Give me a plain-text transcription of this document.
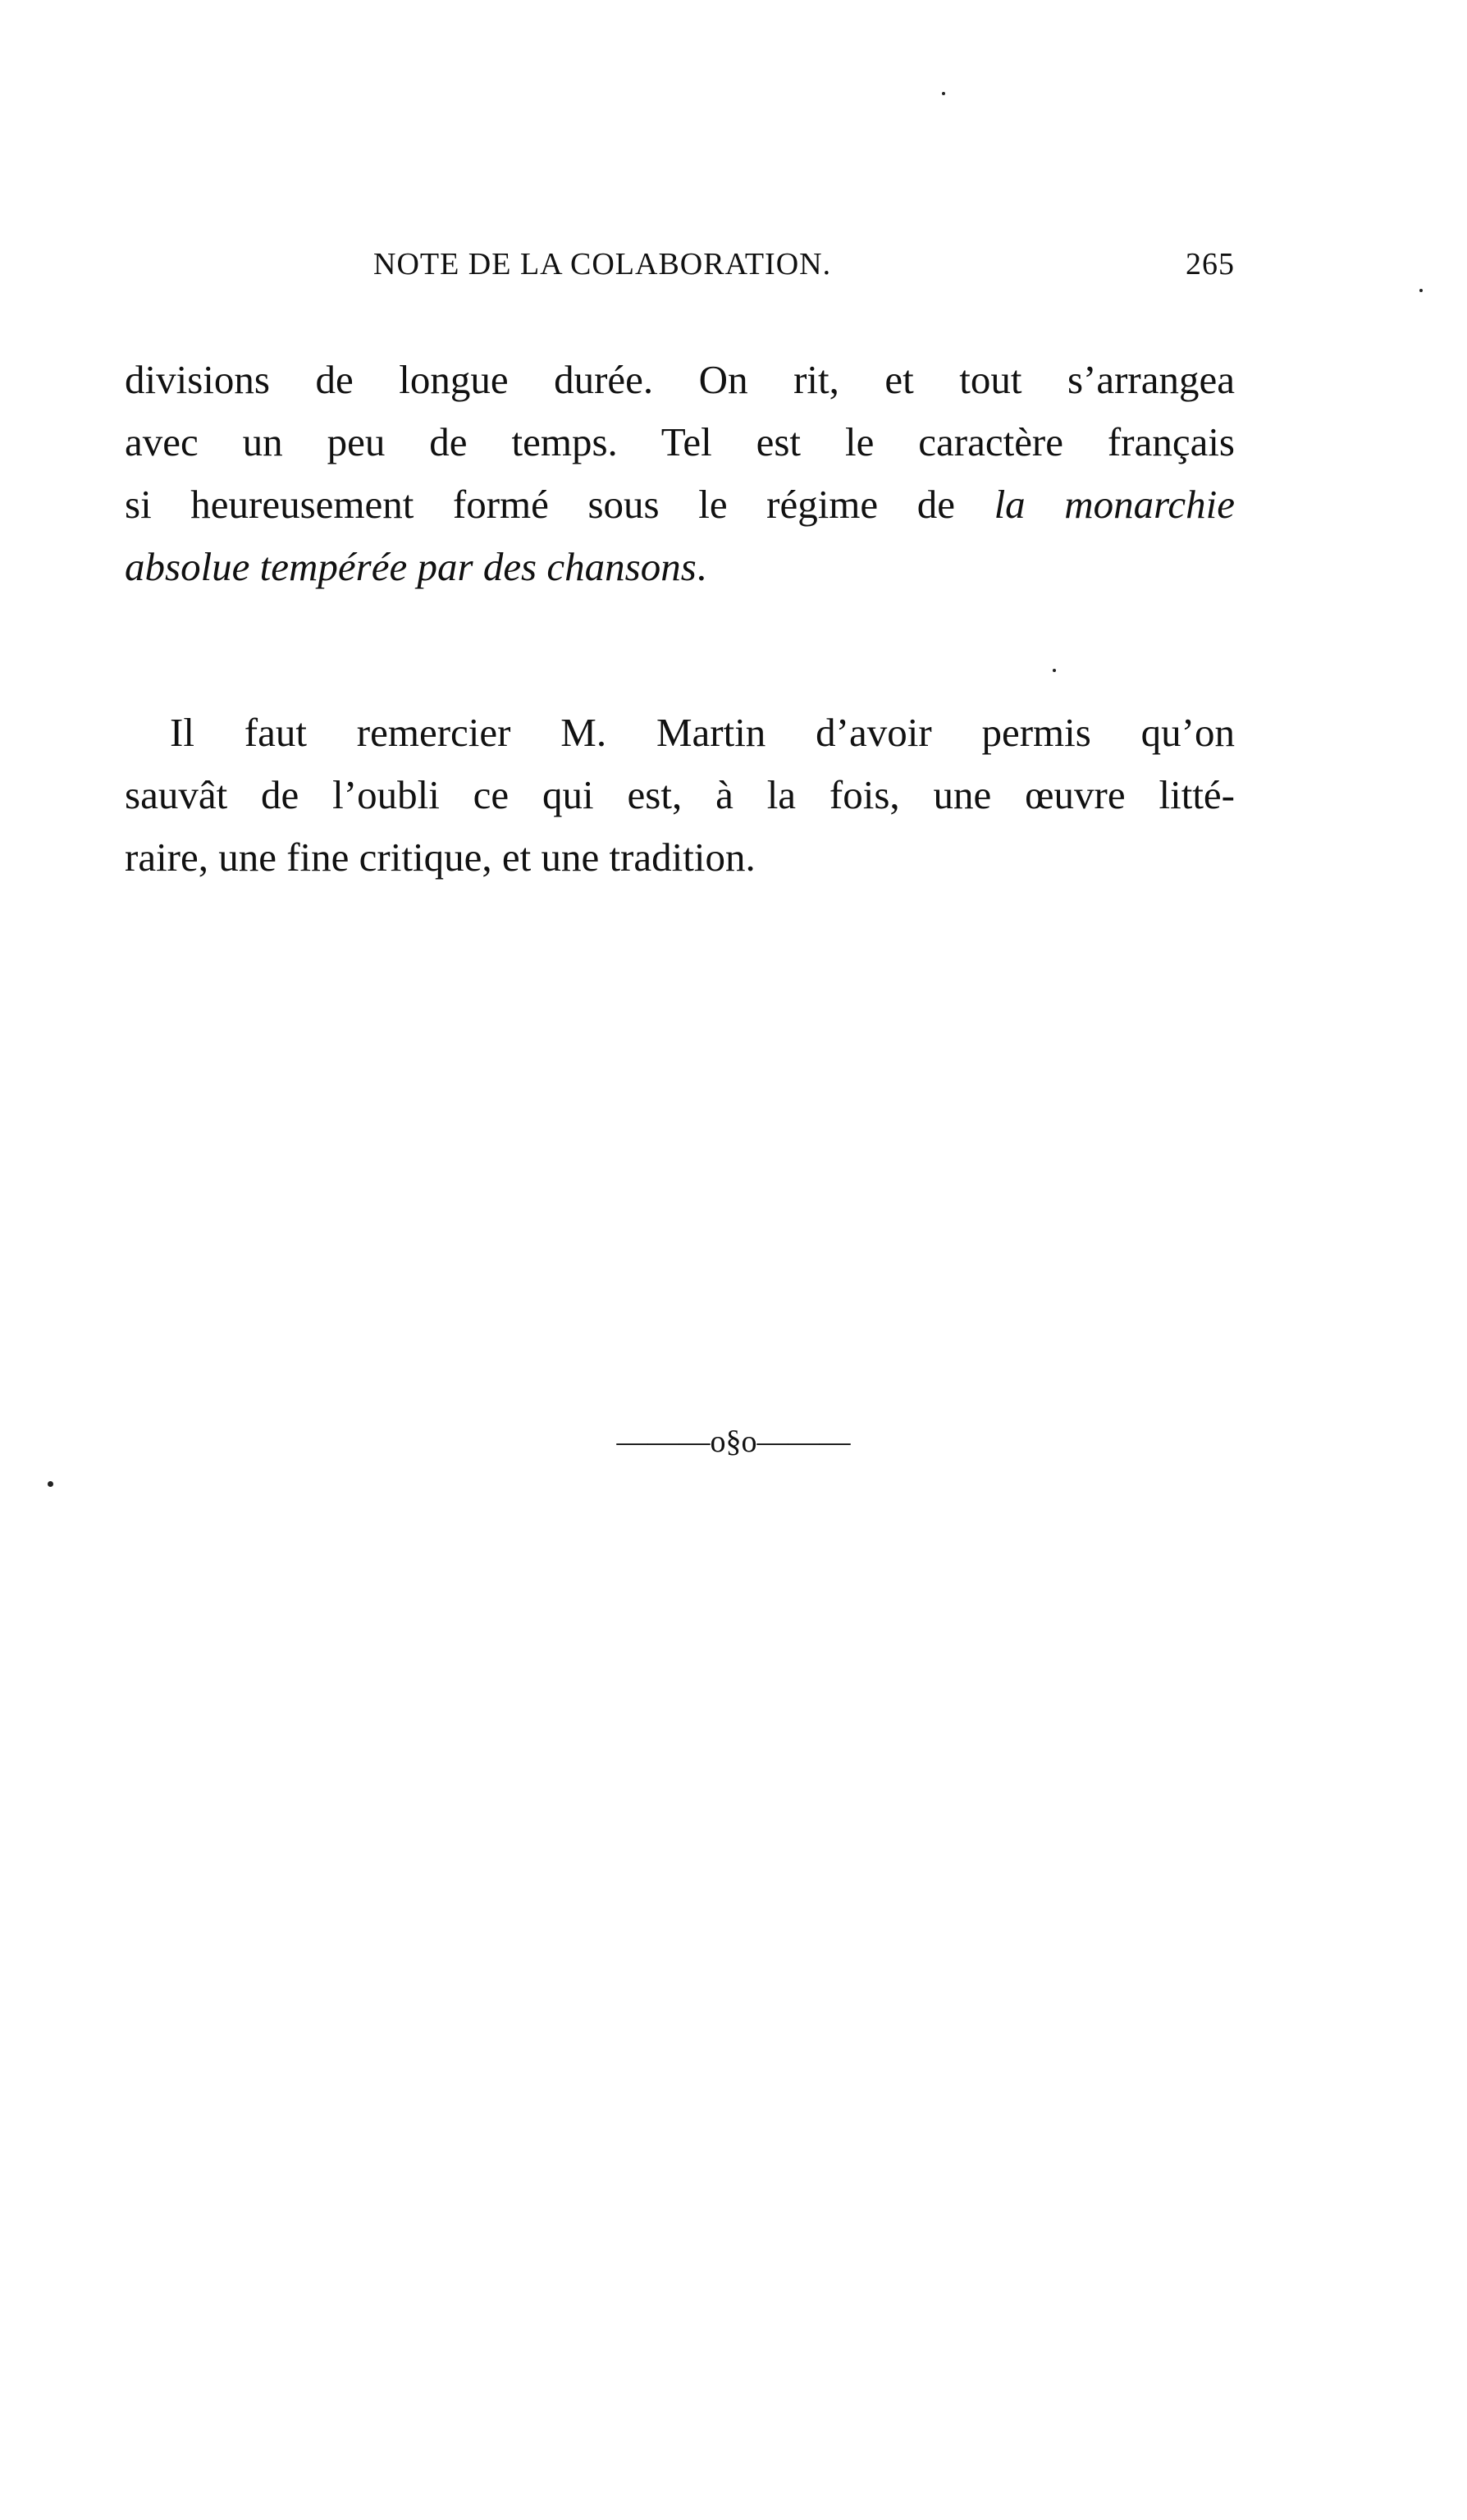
NOTE DE LA COLABORATION.	265
divisions de longue durée. On rit, et tout s’arrangea
avec un peu de temps. Tel est le caractère français
si heureusement formé sous le régime de la monarchie
absolue tempérée par des chansons.
Il faut remercier M. Martin d’avoir permis qu’on
sauvât de l’oubli ce qui est, à la fois, une œuvre litté-
raire, une fine critique, et une tradition.
———o§o———
